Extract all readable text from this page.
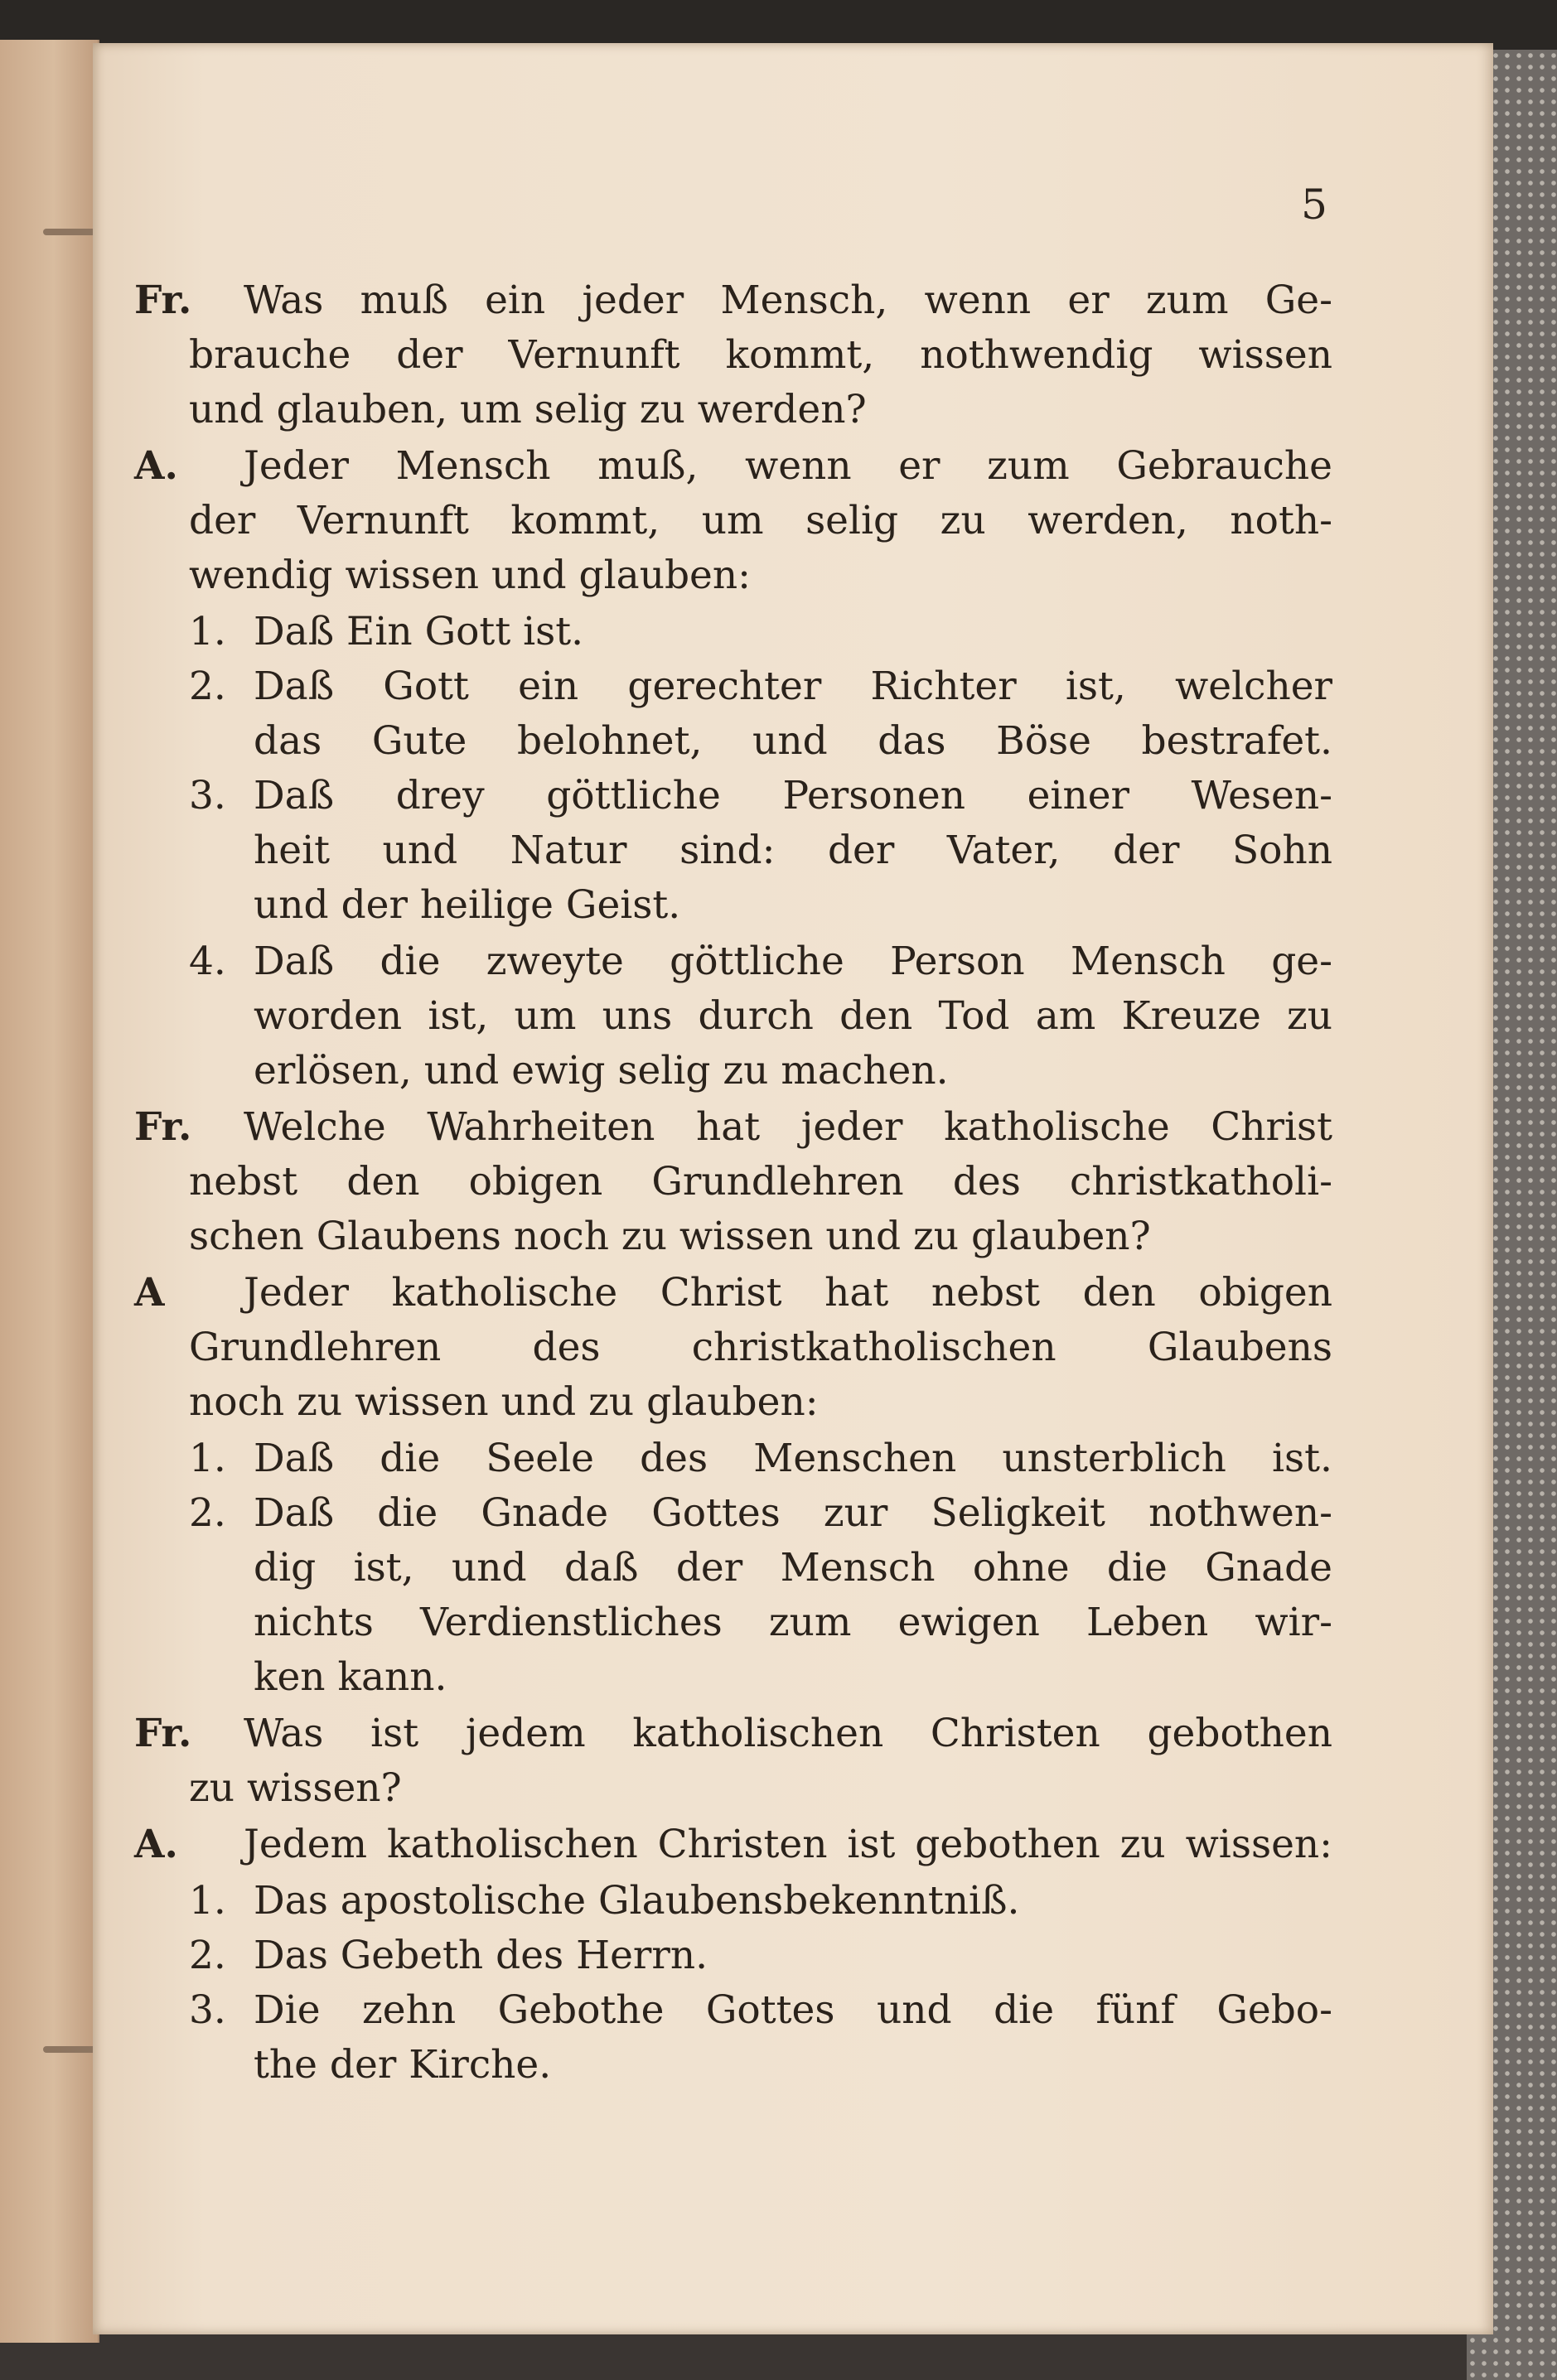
5
Fr. Was muß ein jeder Mensch, wenn er zum Ge-
brauche der Vernunft kommt, nothwendig wissen
und glauben, um selig zu werden?
A. Jeder Mensch muß, wenn er zum Gebrauche
der Vernunft kommt, um selig zu werden, noth-
wendig wissen und glauben:
1. Daß Ein Gott ist.
2. Daß Gott ein gerechter Richter ist, welcher
das Gute belohnet, und das Böse bestrafet.
3. Daß drey göttliche Personen einer Wesen-
heit und Natur sind: der Vater, der Sohn
und der heilige Geist.
4. Daß die zweyte göttliche Person Mensch ge-
worden ist, um uns durch den Tod am Kreuze zu
erlösen, und ewig selig zu machen.
Fr. Welche Wahrheiten hat jeder katholische Christ
nebst den obigen Grundlehren des christkatholi-
schen Glaubens noch zu wissen und zu glauben?
A Jeder katholische Christ hat nebst den obigen
Grundlehren des christkatholischen Glaubens
noch zu wissen und zu glauben:
1. Daß die Seele des Menschen unsterblich ist.
2. Daß die Gnade Gottes zur Seligkeit nothwen-
dig ist, und daß der Mensch ohne die Gnade
nichts Verdienstliches zum ewigen Leben wir-
ken kann.
Fr. Was ist jedem katholischen Christen gebothen
zu wissen?
A. Jedem katholischen Christen ist gebothen zu wissen:
1. Das apostolische Glaubensbekenntniß.
2. Das Gebeth des Herrn.
3. Die zehn Gebothe Gottes und die fünf Gebo-
the der Kirche.
